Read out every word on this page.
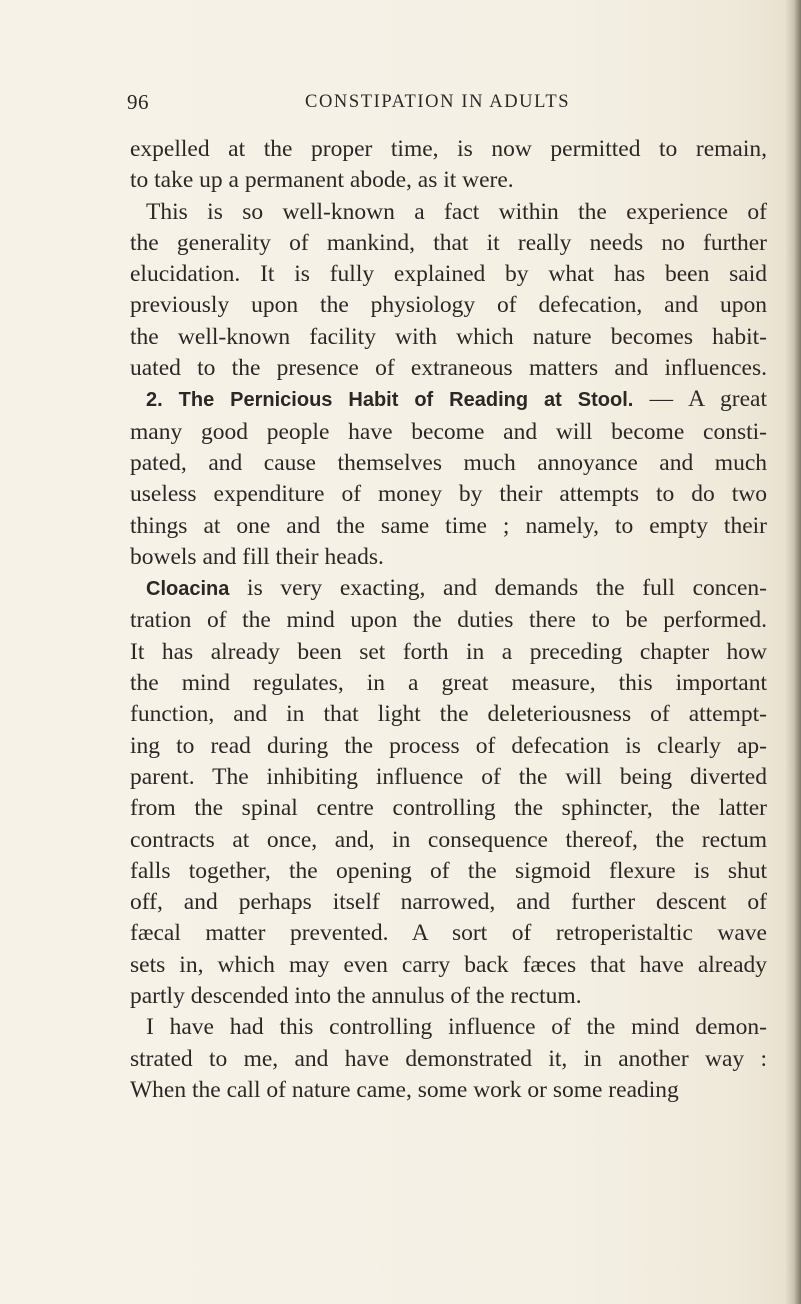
96	CONSTIPATION IN ADULTS

expelled at the proper time, is now permitted to remain,

to take up a permanent abode, as it were.

This is so well-known a fact within the experience of

the generality of mankind, that it really needs no further

elucidation. It is fully explained by what has been said

previously upon the physiology of defecation, and upon

the well-known facility with which nature becomes habit-

uated to the presence of extraneous matters and influences.

2. The Pernicious Habit of Reading at Stool. — A great

many good people have become and will become consti-

pated, and cause themselves much annoyance and much

useless expenditure of money by their attempts to do two

things at one and the same time ; namely, to empty their

bowels and fill their heads.

Cloacina is very exacting, and demands the full concen-

tration of the mind upon the duties there to be performed.

It has already been set forth in a preceding chapter how

the mind regulates, in a great measure, this important

function, and in that light the deleteriousness of attempt-

ing to read during the process of defecation is clearly ap-

parent. The inhibiting influence of the will being diverted

from the spinal centre controlling the sphincter, the latter

contracts at once, and, in consequence thereof, the rectum

falls together, the opening of the sigmoid flexure is shut

off, and perhaps itself narrowed, and further descent of

fæcal matter prevented. A sort of retroperistaltic wave

sets in, which may even carry back fæces that have already

partly descended into the annulus of the rectum.

I have had this controlling influence of the mind demon-

strated to me, and have demonstrated it, in another way :

When the call of nature came, some work or some reading
